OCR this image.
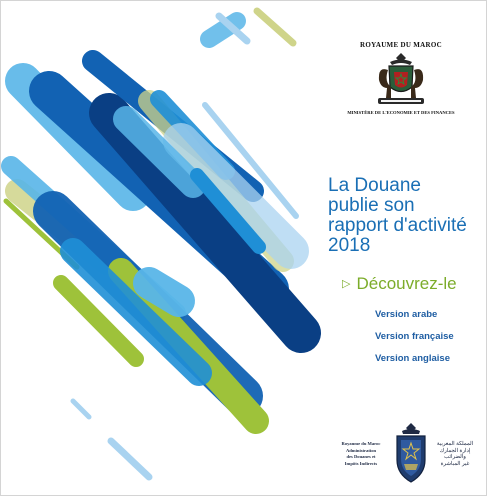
ROYAUME DU MAROC
MINISTÈRE DE L'ECONOMIE ET DES FINANCES
La Douane
publie son
rapport d'activité
2018

▷ Découvrez-le

Version arabe
Version française
Version anglaise
Royaume du Maroc
Administration
des Douanes et
Impôts Indirects
المملكة المغربية
إدارة الجمارك
والضرائب
غير المباشرة
